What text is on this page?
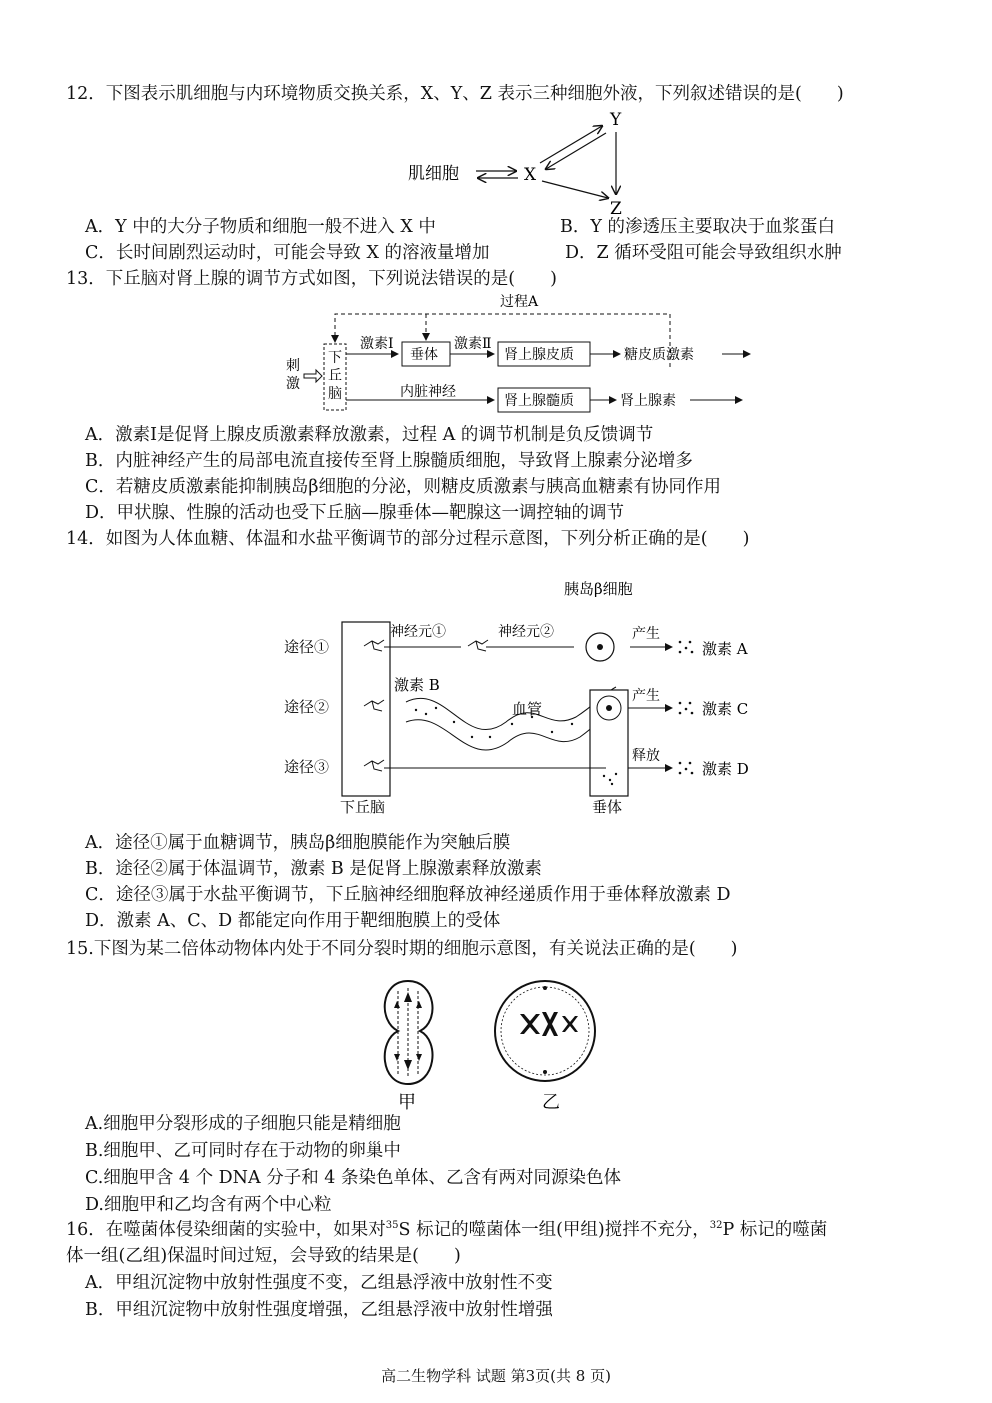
12．下图表示肌细胞与内环境物质交换关系，X、Y、Z 表示三种细胞外液，下列叙述错误的是(　　)
肌细胞	X
Y
Z
A．Y 中的大分子物质和细胞一般不进入 X 中	B．Y 的渗透压主要取决于血浆蛋白
C．长时间剧烈运动时，可能会导致 X 的溶液量增加	D．Z 循环受阻可能会导致组织水肿
13．下丘脑对肾上腺的调节方式如图，下列说法错误的是(　　)
过程A
刺
激
下
丘
脑
激素Ⅰ
垂体
激素Ⅱ
肾上腺皮质	糖皮质激素
内脏神经
肾上腺髓质	肾上腺素
A．激素Ⅰ是促肾上腺皮质激素释放激素，过程 A 的调节机制是负反馈调节
B．内脏神经产生的局部电流直接传至肾上腺髓质细胞，导致肾上腺素分泌增多
C．若糖皮质激素能抑制胰岛β细胞的分泌，则糖皮质激素与胰高血糖素有协同作用
D．甲状腺、性腺的活动也受下丘脑—腺垂体—靶腺这一调控轴的调节
14．如图为人体血糖、体温和水盐平衡调节的部分过程示意图，下列分析正确的是(　　)
胰岛β细胞
下丘脑
途径①
途径②
途径③
神经元①	神经元②	产生
激素 A
激素 B
血管
垂体
产生
激素 C
释放
激素 D
A．途径①属于血糖调节，胰岛β细胞膜能作为突触后膜
B．途径②属于体温调节，激素 B 是促肾上腺激素释放激素
C．途径③属于水盐平衡调节，下丘脑神经细胞释放神经递质作用于垂体释放激素 D
D．激素 A、C、D 都能定向作用于靶细胞膜上的受体
15.下图为某二倍体动物体内处于不同分裂时期的细胞示意图，有关说法正确的是(　　)
甲	乙
A.细胞甲分裂形成的子细胞只能是精细胞
B.细胞甲、乙可同时存在于动物的卵巢中
C.细胞甲含 4 个 DNA 分子和 4 条染色单体、乙含有两对同源染色体
D.细胞甲和乙均含有两个中心粒
16．在噬菌体侵染细菌的实验中，如果对$^{35}$S 标记的噬菌体一组(甲组)搅拌不充分，$^{32}$P 标记的噬菌
体一组(乙组)保温时间过短，会导致的结果是(　　)
A．甲组沉淀物中放射性强度不变，乙组悬浮液中放射性不变
B．甲组沉淀物中放射性强度增强，乙组悬浮液中放射性增强
高二生物学科 试题 第3页(共 8 页)
